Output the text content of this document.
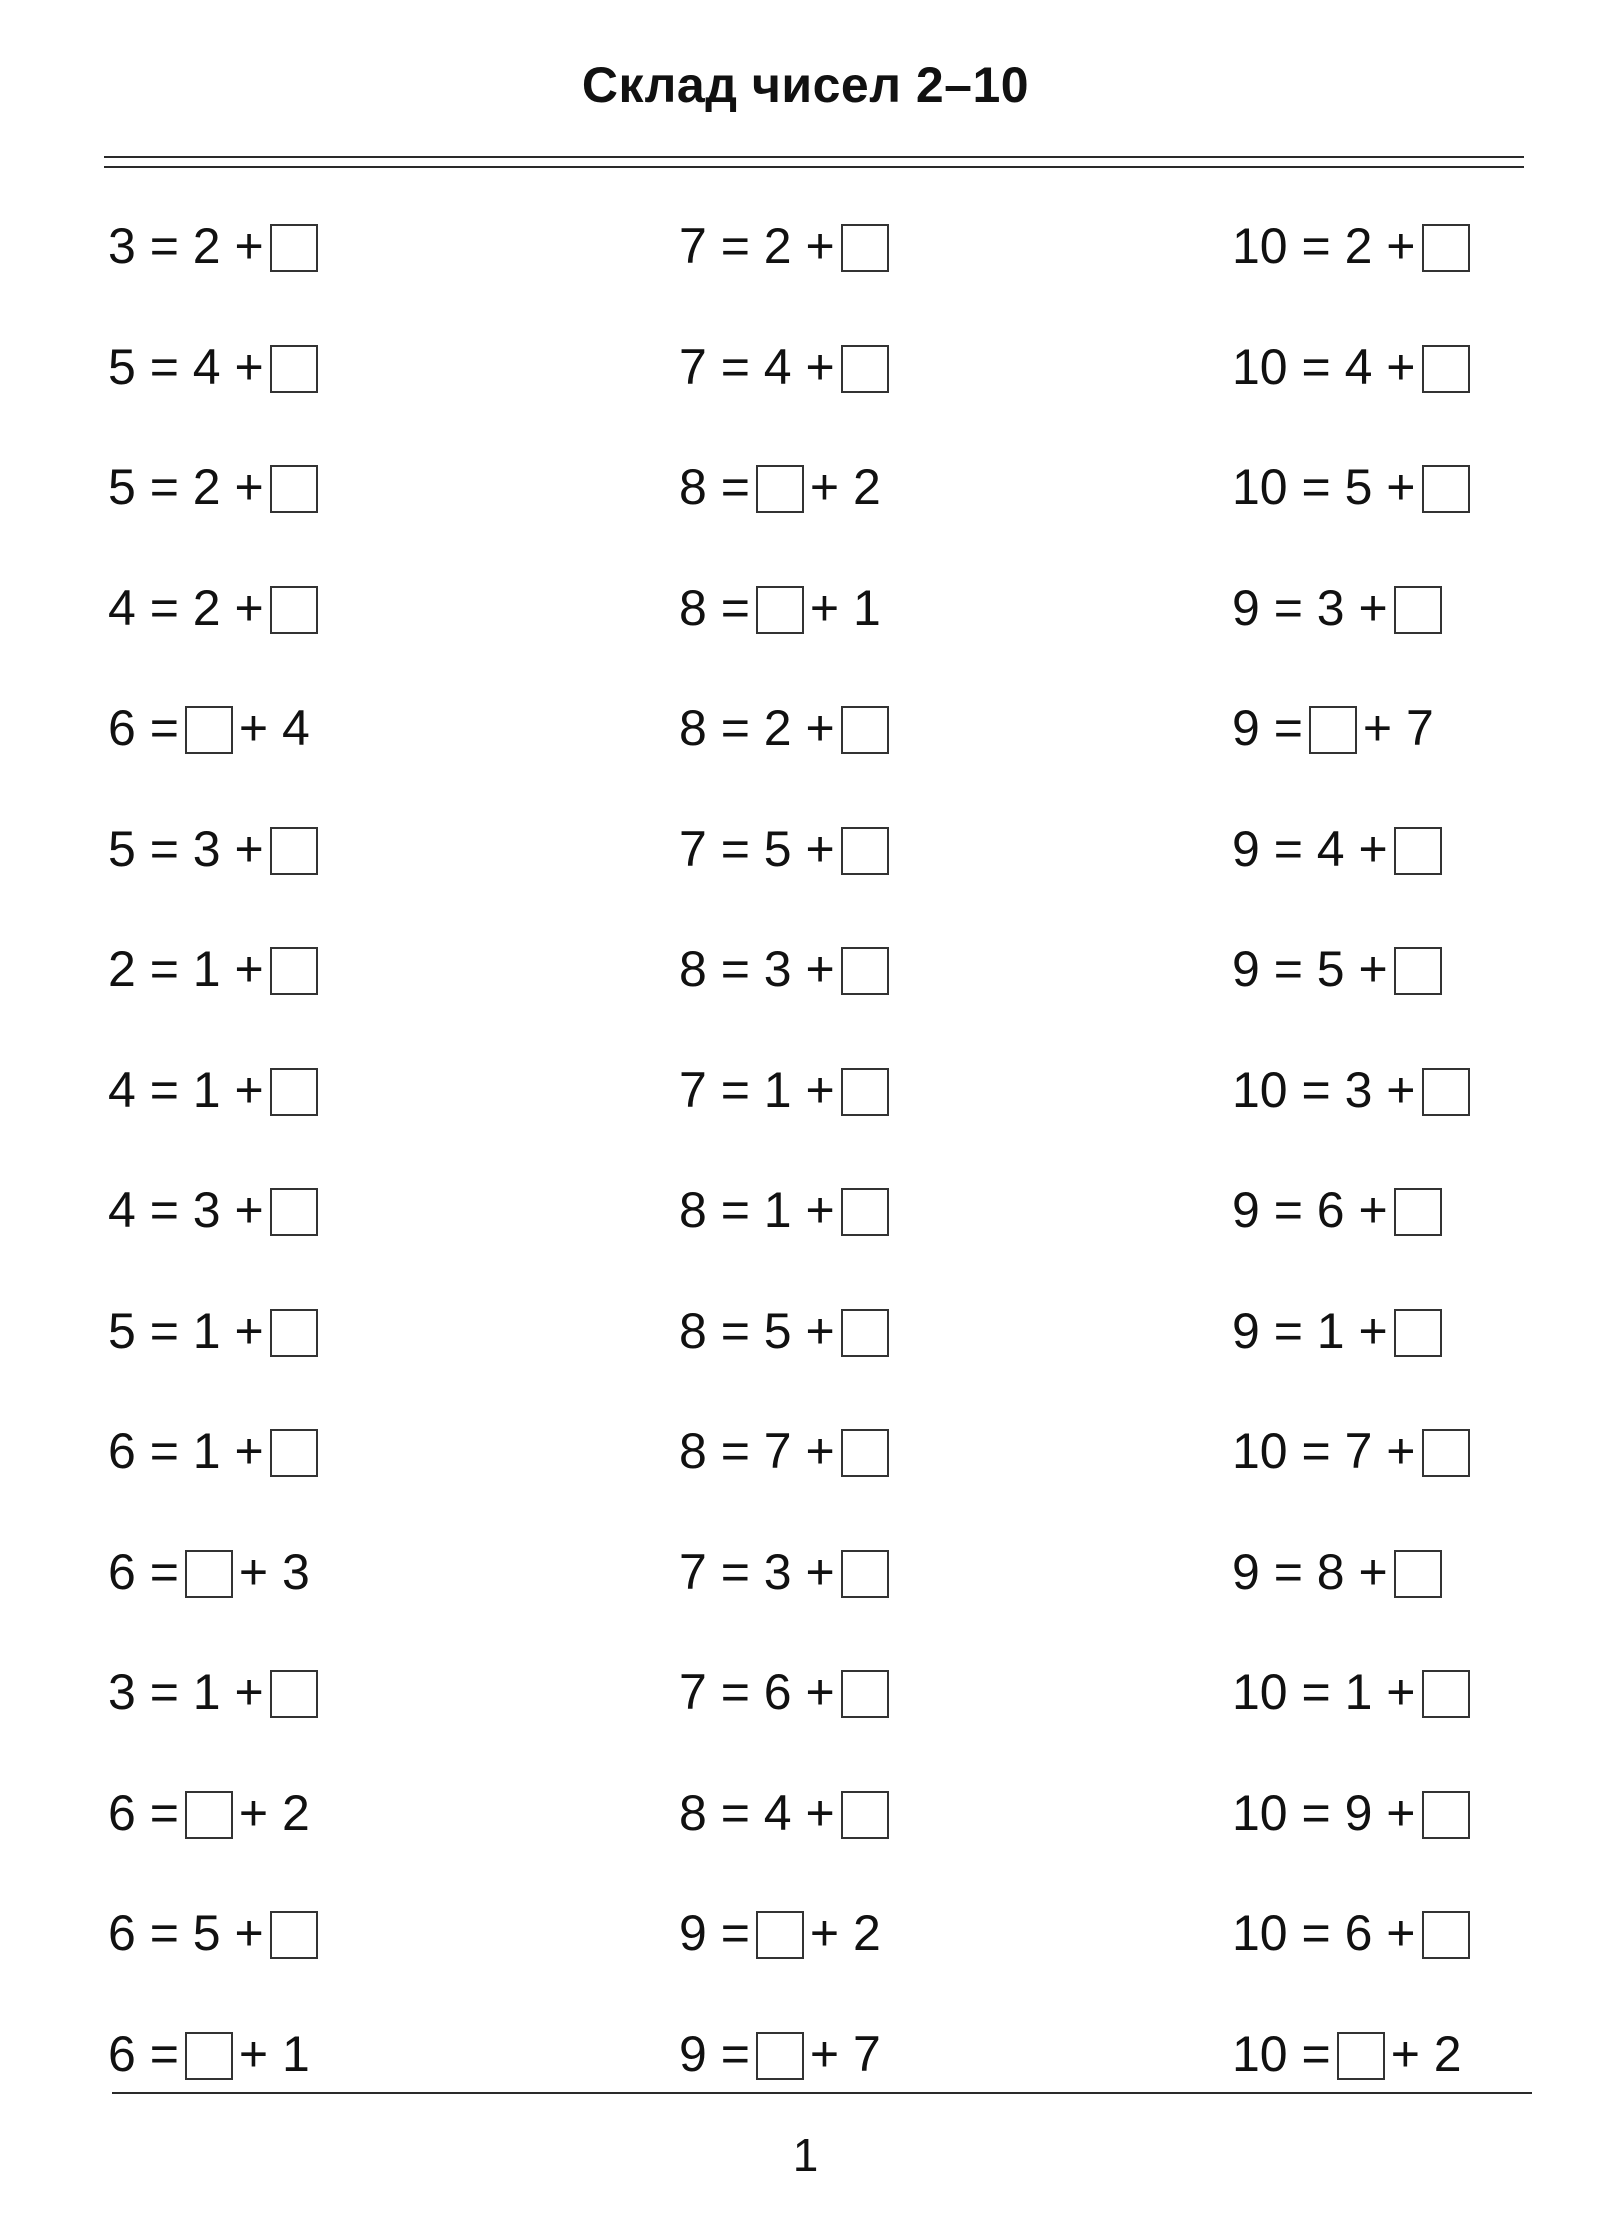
Склад чисел 2–10
3 = 2 +
5 = 4 +
5 = 2 +
4 = 2 +
6 = + 4
5 = 3 +
2 = 1 +
4 = 1 +
4 = 3 +
5 = 1 +
6 = 1 +
6 = + 3
3 = 1 +
6 = + 2
6 = 5 +
6 = + 1
7 = 2 +
7 = 4 +
8 = + 2
8 = + 1
8 = 2 +
7 = 5 +
8 = 3 +
7 = 1 +
8 = 1 +
8 = 5 +
8 = 7 +
7 = 3 +
7 = 6 +
8 = 4 +
9 = + 2
9 = + 7
10 = 2 +
10 = 4 +
10 = 5 +
9 = 3 +
9 = + 7
9 = 4 +
9 = 5 +
10 = 3 +
9 = 6 +
9 = 1 +
10 = 7 +
9 = 8 +
10 = 1 +
10 = 9 +
10 = 6 +
10 = + 2
1
